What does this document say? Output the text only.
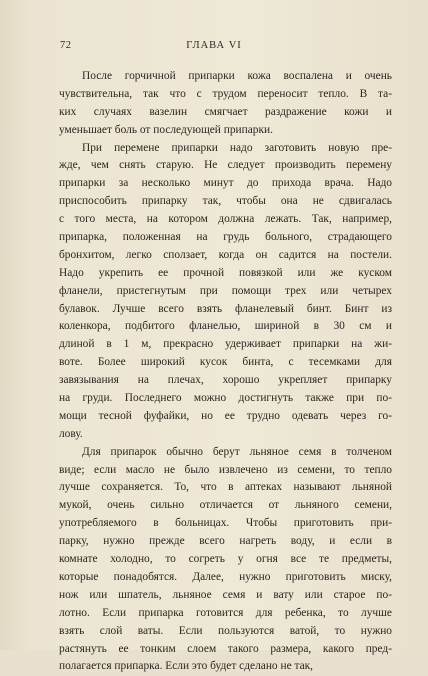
72	ГЛАВА VI
После горчичной припарки кожа воспалена и очень
чувствительна, так что с трудом переносит тепло. В та-
ких случаях вазелин смягчает раздражение кожи и
уменьшает боль от последующей припарки.
При перемене припарки надо заготовить новую пре-
жде, чем снять старую. Не следует производить перемену
припарки за несколько минут до прихода врача. Надо
приспособить припарку так, чтобы она не сдвигалась
с того места, на котором должна лежать. Так, например,
припарка, положенная на грудь больного, страдающего
бронхитом, легко сползает, когда он садится на постели.
Надо укрепить ее прочной повязкой или же куском
фланели, пристегнутым при помощи трех или четырех
булавок. Лучше всего взять фланелевый бинт. Бинт из
коленкора, подбитого фланелью, шириной в 30 см и
длиной в 1 м, прекрасно удерживает припарки на жи-
воте. Более широкий кусок бинта, с тесемками для
завязывания на плечах, хорошо укрепляет припарку
на груди. Последнего можно достигнуть также при по-
мощи тесной фуфайки, но ее трудно одевать через го-
лову.
Для припарок обычно берут льняное семя в толченом
виде; если масло не было извлечено из семени, то тепло
лучше сохраняется. То, что в аптеках называют льняной
мукой, очень сильно отличается от льняного семени,
употребляемого в больницах. Чтобы приготовить при-
парку, нужно прежде всего нагреть воду, и если в
комнате холодно, то согреть у огня все те предметы,
которые понадобятся. Далее, нужно приготовить миску,
нож или шпатель, льняное семя и вату или старое по-
лотно. Если припарка готовится для ребенка, то лучше
взять слой ваты. Если пользуются ватой, то нужно
растянуть ее тонким слоем такого размера, какого пред-
полагается припарка. Если это будет сделано не так,
